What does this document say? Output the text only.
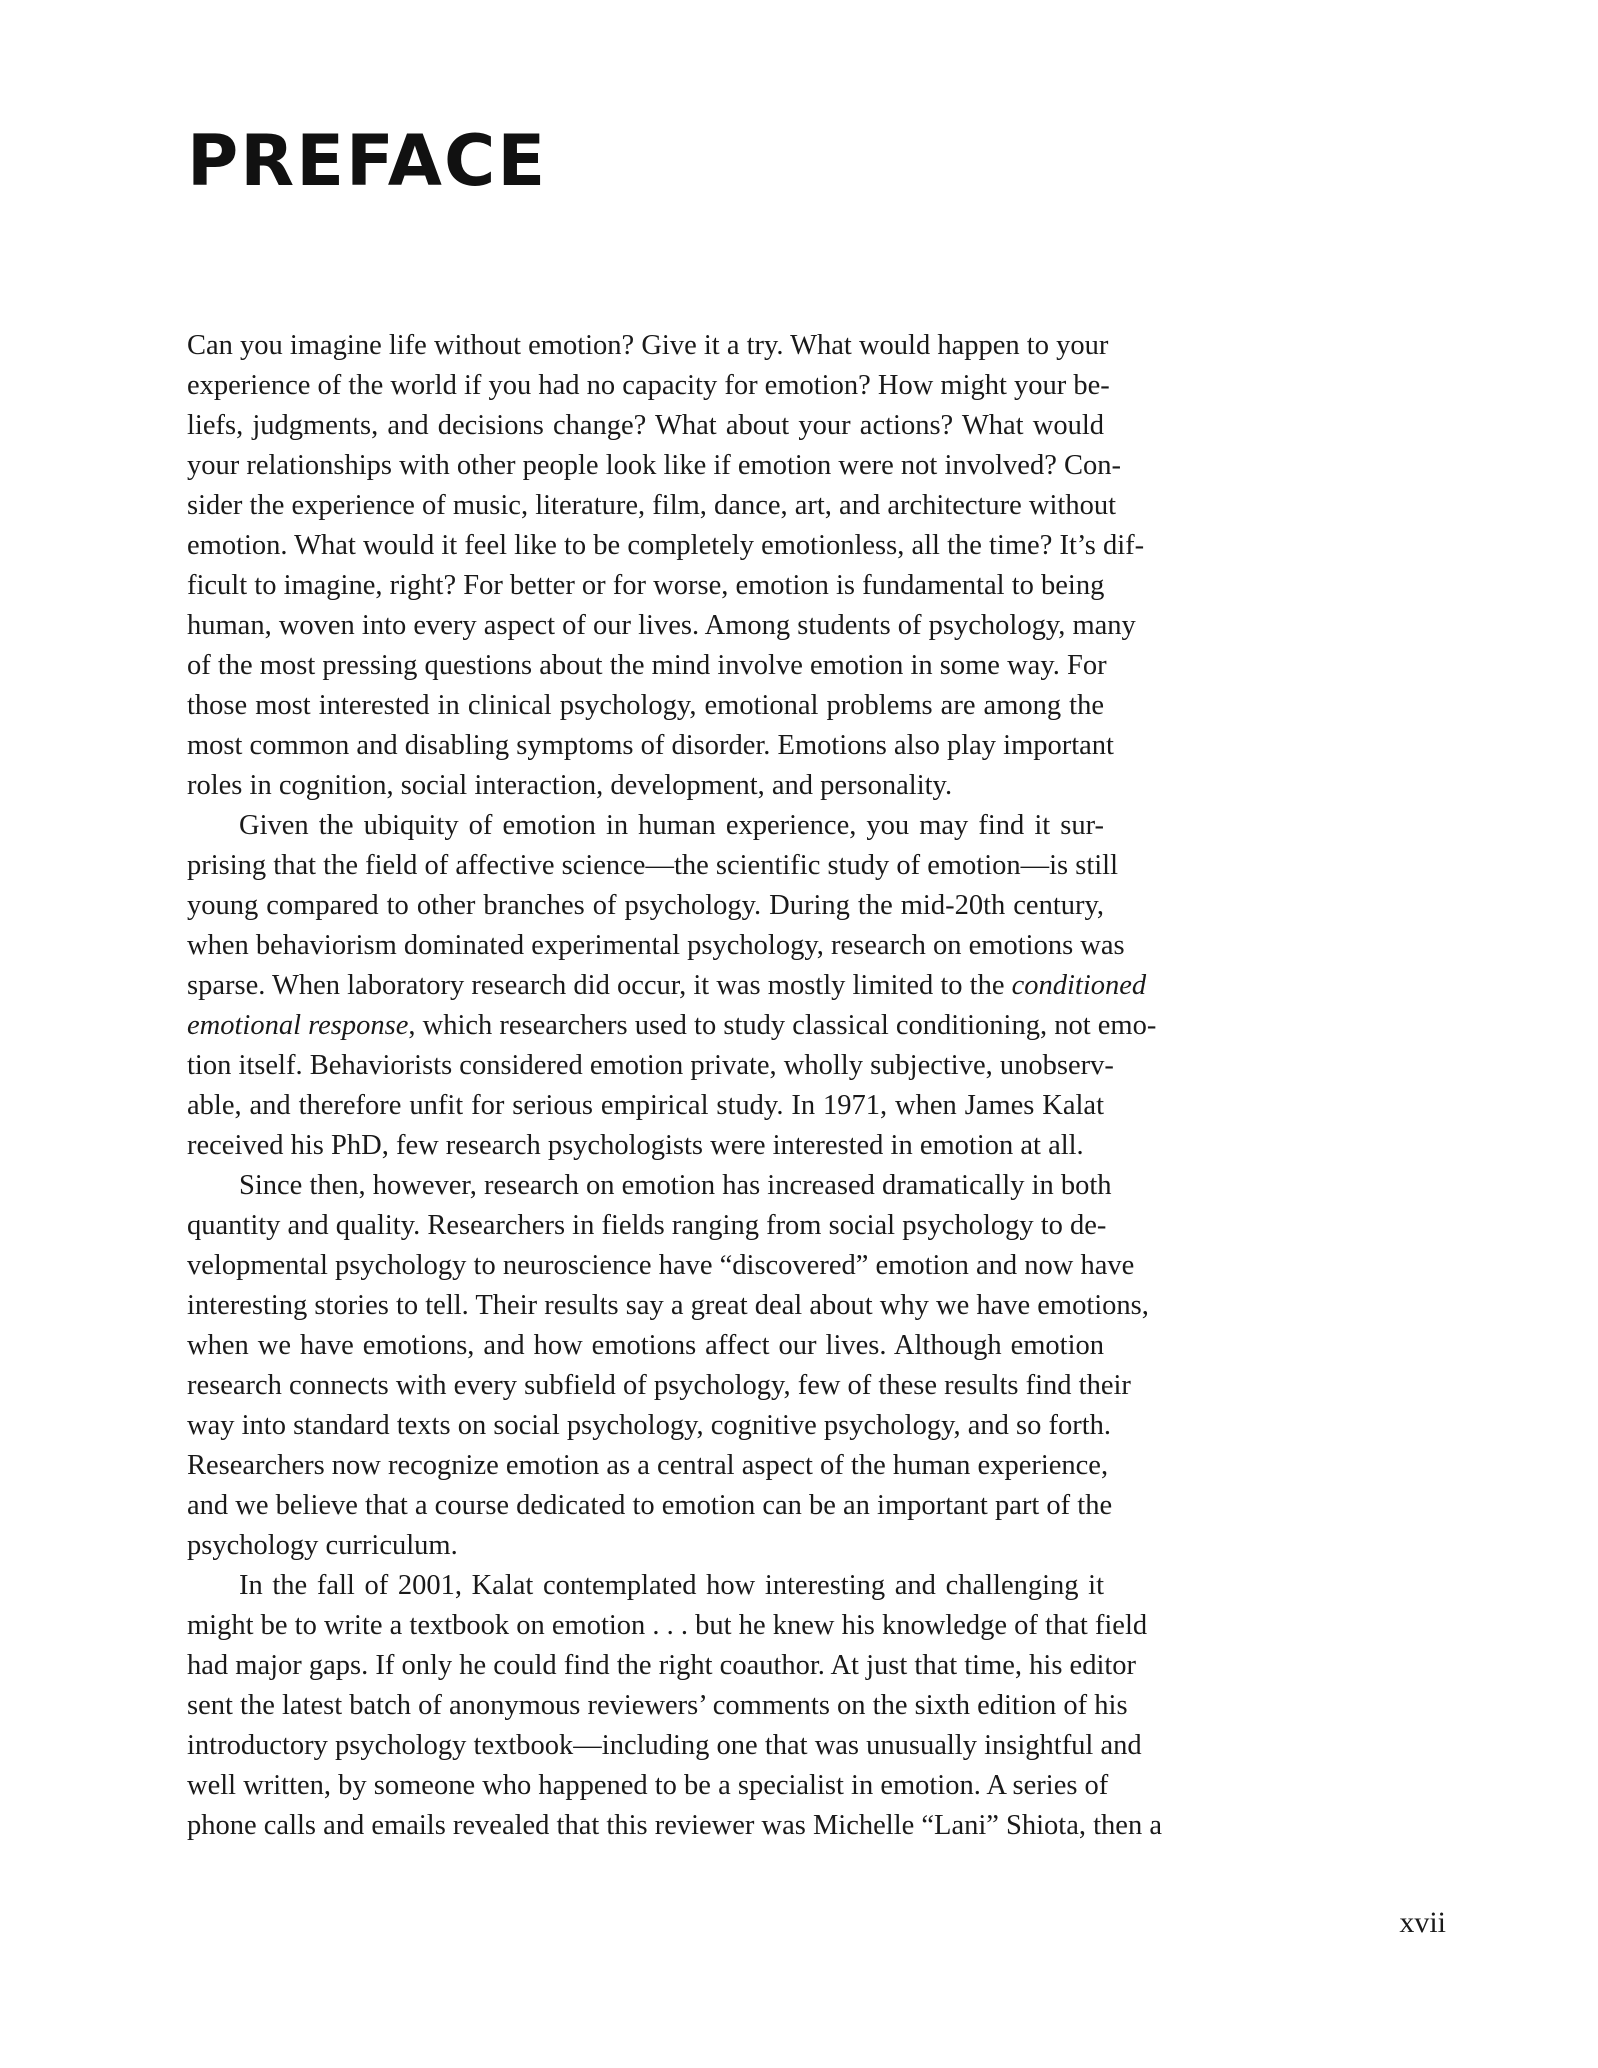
PREFACE
Can you imagine life without emotion? Give it a try. What would happen to your
experience of the world if you had no capacity for emotion? How might your be-
liefs, judgments, and decisions change? What about your actions? What would
your relationships with other people look like if emotion were not involved? Con-
sider the experience of music, literature, film, dance, art, and architecture without
emotion. What would it feel like to be completely emotionless, all the time? It’s dif-
ficult to imagine, right? For better or for worse, emotion is fundamental to being
human, woven into every aspect of our lives. Among students of psychology, many
of the most pressing questions about the mind involve emotion in some way. For
those most interested in clinical psychology, emotional problems are among the
most common and disabling symptoms of disorder. Emotions also play important
roles in cognition, social interaction, development, and personality.
Given the ubiquity of emotion in human experience, you may find it sur-
prising that the field of affective science—the scientific study of emotion—is still
young compared to other branches of psychology. During the mid-20th century,
when behaviorism dominated experimental psychology, research on emotions was
sparse. When laboratory research did occur, it was mostly limited to the conditioned
emotional response, which researchers used to study classical conditioning, not emo-
tion itself. Behaviorists considered emotion private, wholly subjective, unobserv-
able, and therefore unfit for serious empirical study. In 1971, when James Kalat
received his PhD, few research psychologists were interested in emotion at all.
Since then, however, research on emotion has increased dramatically in both
quantity and quality. Researchers in fields ranging from social psychology to de-
velopmental psychology to neuroscience have “discovered” emotion and now have
interesting stories to tell. Their results say a great deal about why we have emotions,
when we have emotions, and how emotions affect our lives. Although emotion
research connects with every subfield of psychology, few of these results find their
way into standard texts on social psychology, cognitive psychology, and so forth.
Researchers now recognize emotion as a central aspect of the human experience,
and we believe that a course dedicated to emotion can be an important part of the
psychology curriculum.
In the fall of 2001, Kalat contemplated how interesting and challenging it
might be to write a textbook on emotion . . . but he knew his knowledge of that field
had major gaps. If only he could find the right coauthor. At just that time, his editor
sent the latest batch of anonymous reviewers’ comments on the sixth edition of his
introductory psychology textbook—including one that was unusually insightful and
well written, by someone who happened to be a specialist in emotion. A series of
phone calls and emails revealed that this reviewer was Michelle “Lani” Shiota, then a
xvii
